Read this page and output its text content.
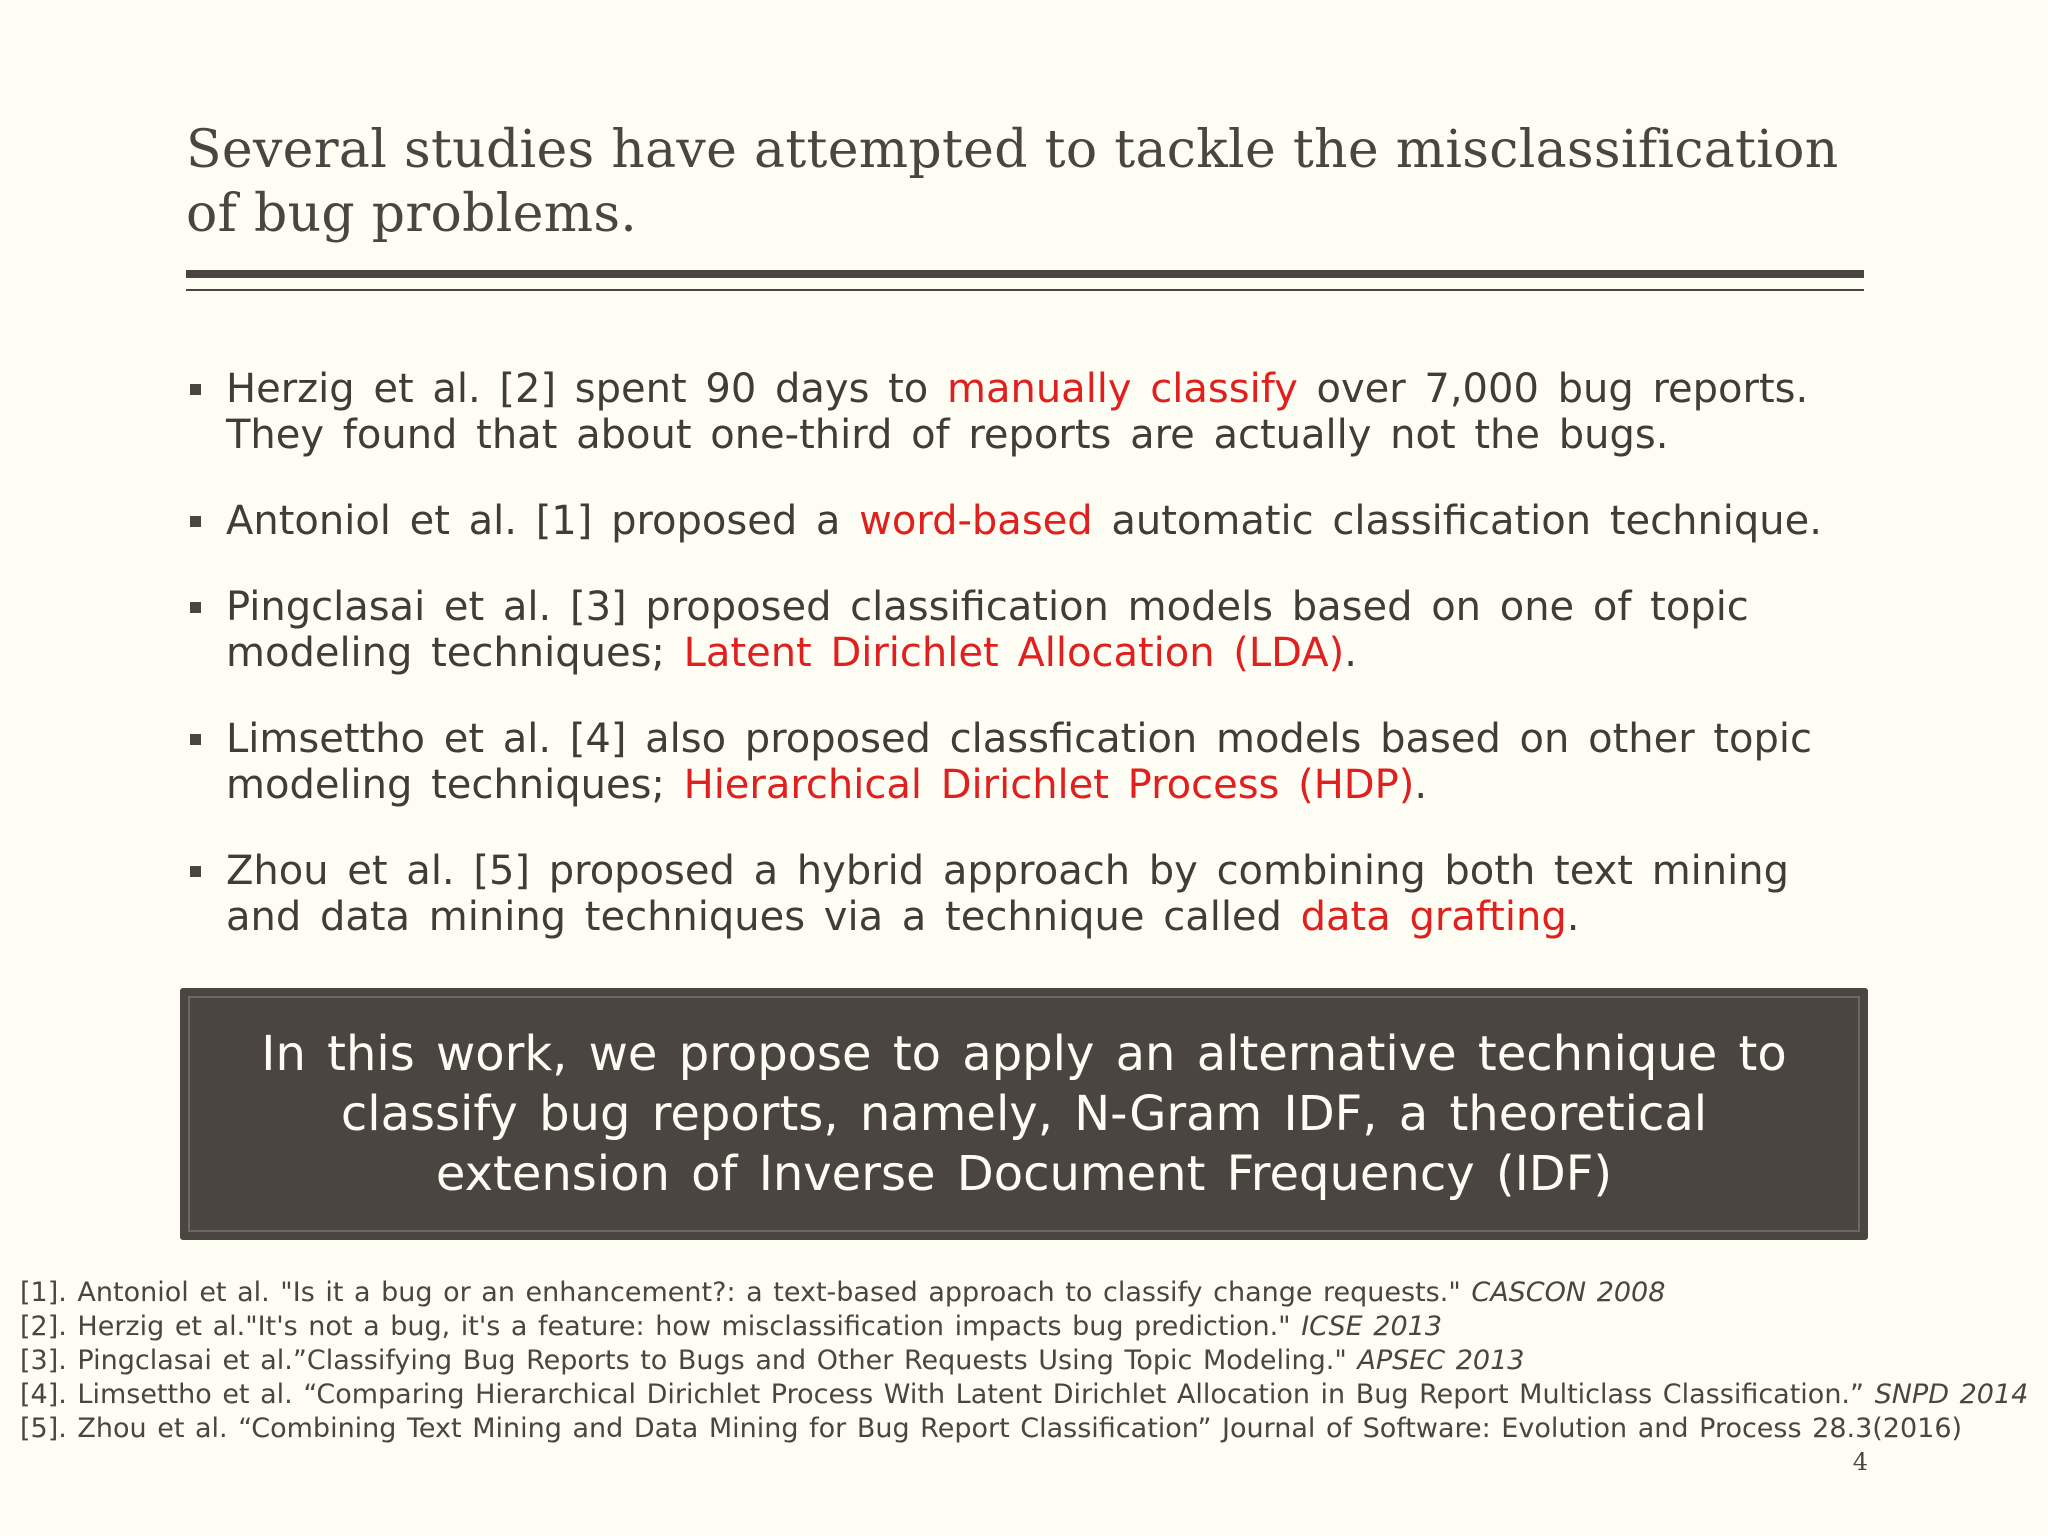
Several studies have attempted to tackle the misclassification of bug problems.
Herzig et al. [2] spent 90 days to manually classify over 7,000 bug reports. They found that about one-third of reports are actually not the bugs.
Antoniol et al. [1] proposed a word-based automatic classification technique.
Pingclasai et al. [3] proposed classification models based on one of topic modeling techniques; Latent Dirichlet Allocation (LDA).
Limsettho et al. [4] also proposed classfication models based on other topic modeling techniques; Hierarchical Dirichlet Process (HDP).
Zhou et al. [5] proposed a hybrid approach by combining both text mining and data mining techniques via a technique called data grafting.
In this work, we propose to apply an alternative technique to classify bug reports, namely, N-Gram IDF, a theoretical extension of Inverse Document Frequency (IDF)
[1]. Antoniol et al. "Is it a bug or an enhancement?: a text-based approach to classify change requests." CASCON 2008
[2]. Herzig et al."It's not a bug, it's a feature: how misclassification impacts bug prediction." ICSE 2013
[3]. Pingclasai et al.”Classifying Bug Reports to Bugs and Other Requests Using Topic Modeling." APSEC 2013
[4]. Limsettho et al. “Comparing Hierarchical Dirichlet Process With Latent Dirichlet Allocation in Bug Report Multiclass Classification.” SNPD 2014
[5]. Zhou et al. “Combining Text Mining and Data Mining for Bug Report Classification” Journal of Software: Evolution and Process 28.3(2016)
4
